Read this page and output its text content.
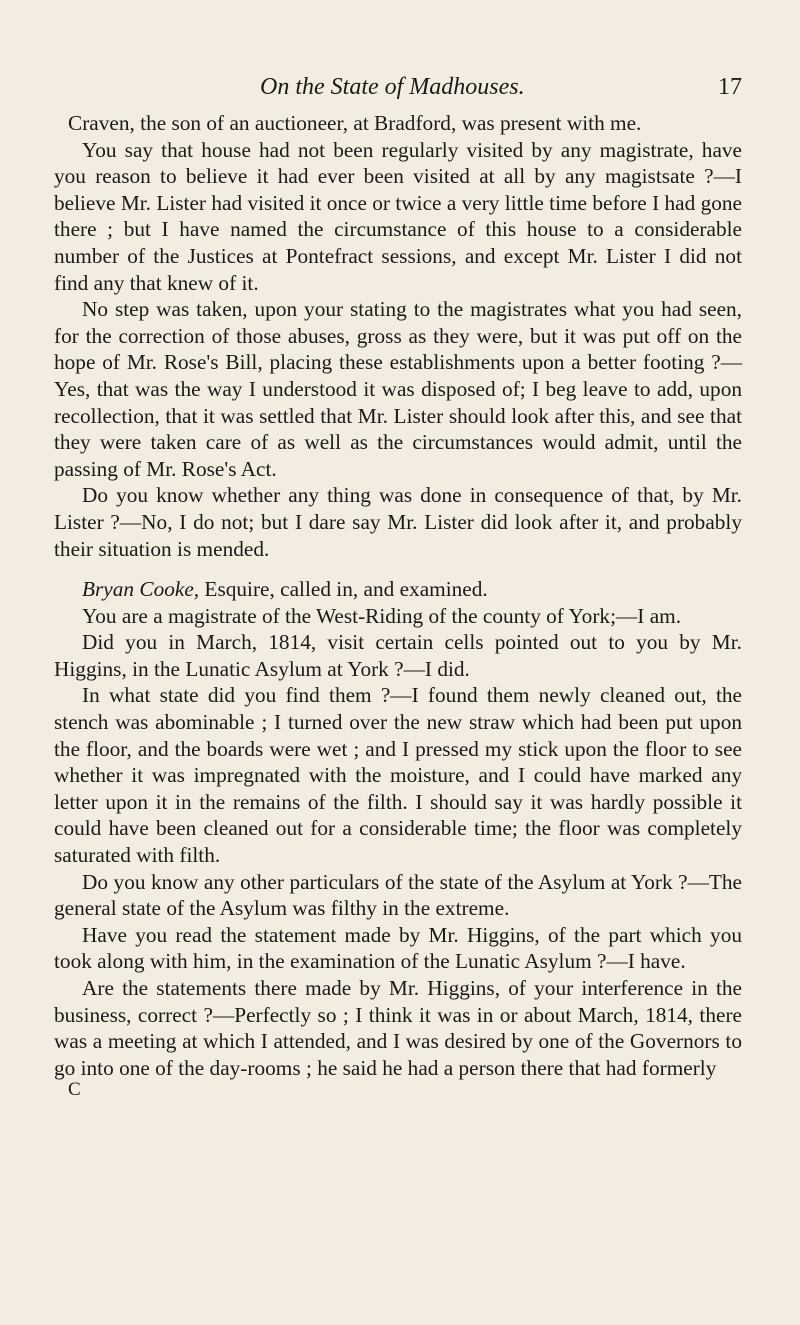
On the State of Madhouses.	17

Craven, the son of an auctioneer, at Bradford, was present with me.

You say that house had not been regularly visited by any magistrate, have you reason to believe it had ever been visited at all by any magistsate ?—I believe Mr. Lister had visited it once or twice a very little time before I had gone there ; but I have named the circumstance of this house to a considerable number of the Justices at Pontefract sessions, and except Mr. Lister I did not find any that knew of it.

No step was taken, upon your stating to the magistrates what you had seen, for the correction of those abuses, gross as they were, but it was put off on the hope of Mr. Rose's Bill, placing these establishments upon a better footing ?—Yes, that was the way I understood it was disposed of; I beg leave to add, upon recollection, that it was settled that Mr. Lister should look after this, and see that they were taken care of as well as the circumstances would admit, until the passing of Mr. Rose's Act.

Do you know whether any thing was done in consequence of that, by Mr. Lister ?—No, I do not; but I dare say Mr. Lister did look after it, and probably their situation is mended.

Bryan Cooke, Esquire, called in, and examined.

You are a magistrate of the West-Riding of the county of York;—I am.

Did you in March, 1814, visit certain cells pointed out to you by Mr. Higgins, in the Lunatic Asylum at York ?—I did.

In what state did you find them ?—I found them newly cleaned out, the stench was abominable ; I turned over the new straw which had been put upon the floor, and the boards were wet ; and I pressed my stick upon the floor to see whether it was impregnated with the moisture, and I could have marked any letter upon it in the remains of the filth. I should say it was hardly possible it could have been cleaned out for a considerable time; the floor was completely saturated with filth.

Do you know any other particulars of the state of the Asylum at York ?—The general state of the Asylum was filthy in the extreme.

Have you read the statement made by Mr. Higgins, of the part which you took along with him, in the examination of the Lunatic Asylum ?—I have.

Are the statements there made by Mr. Higgins, of your interference in the business, correct ?—Perfectly so ; I think it was in or about March, 1814, there was a meeting at which I attended, and I was desired by one of the Governors to go into one of the day-rooms ; he said he had a person there that had formerly

C
